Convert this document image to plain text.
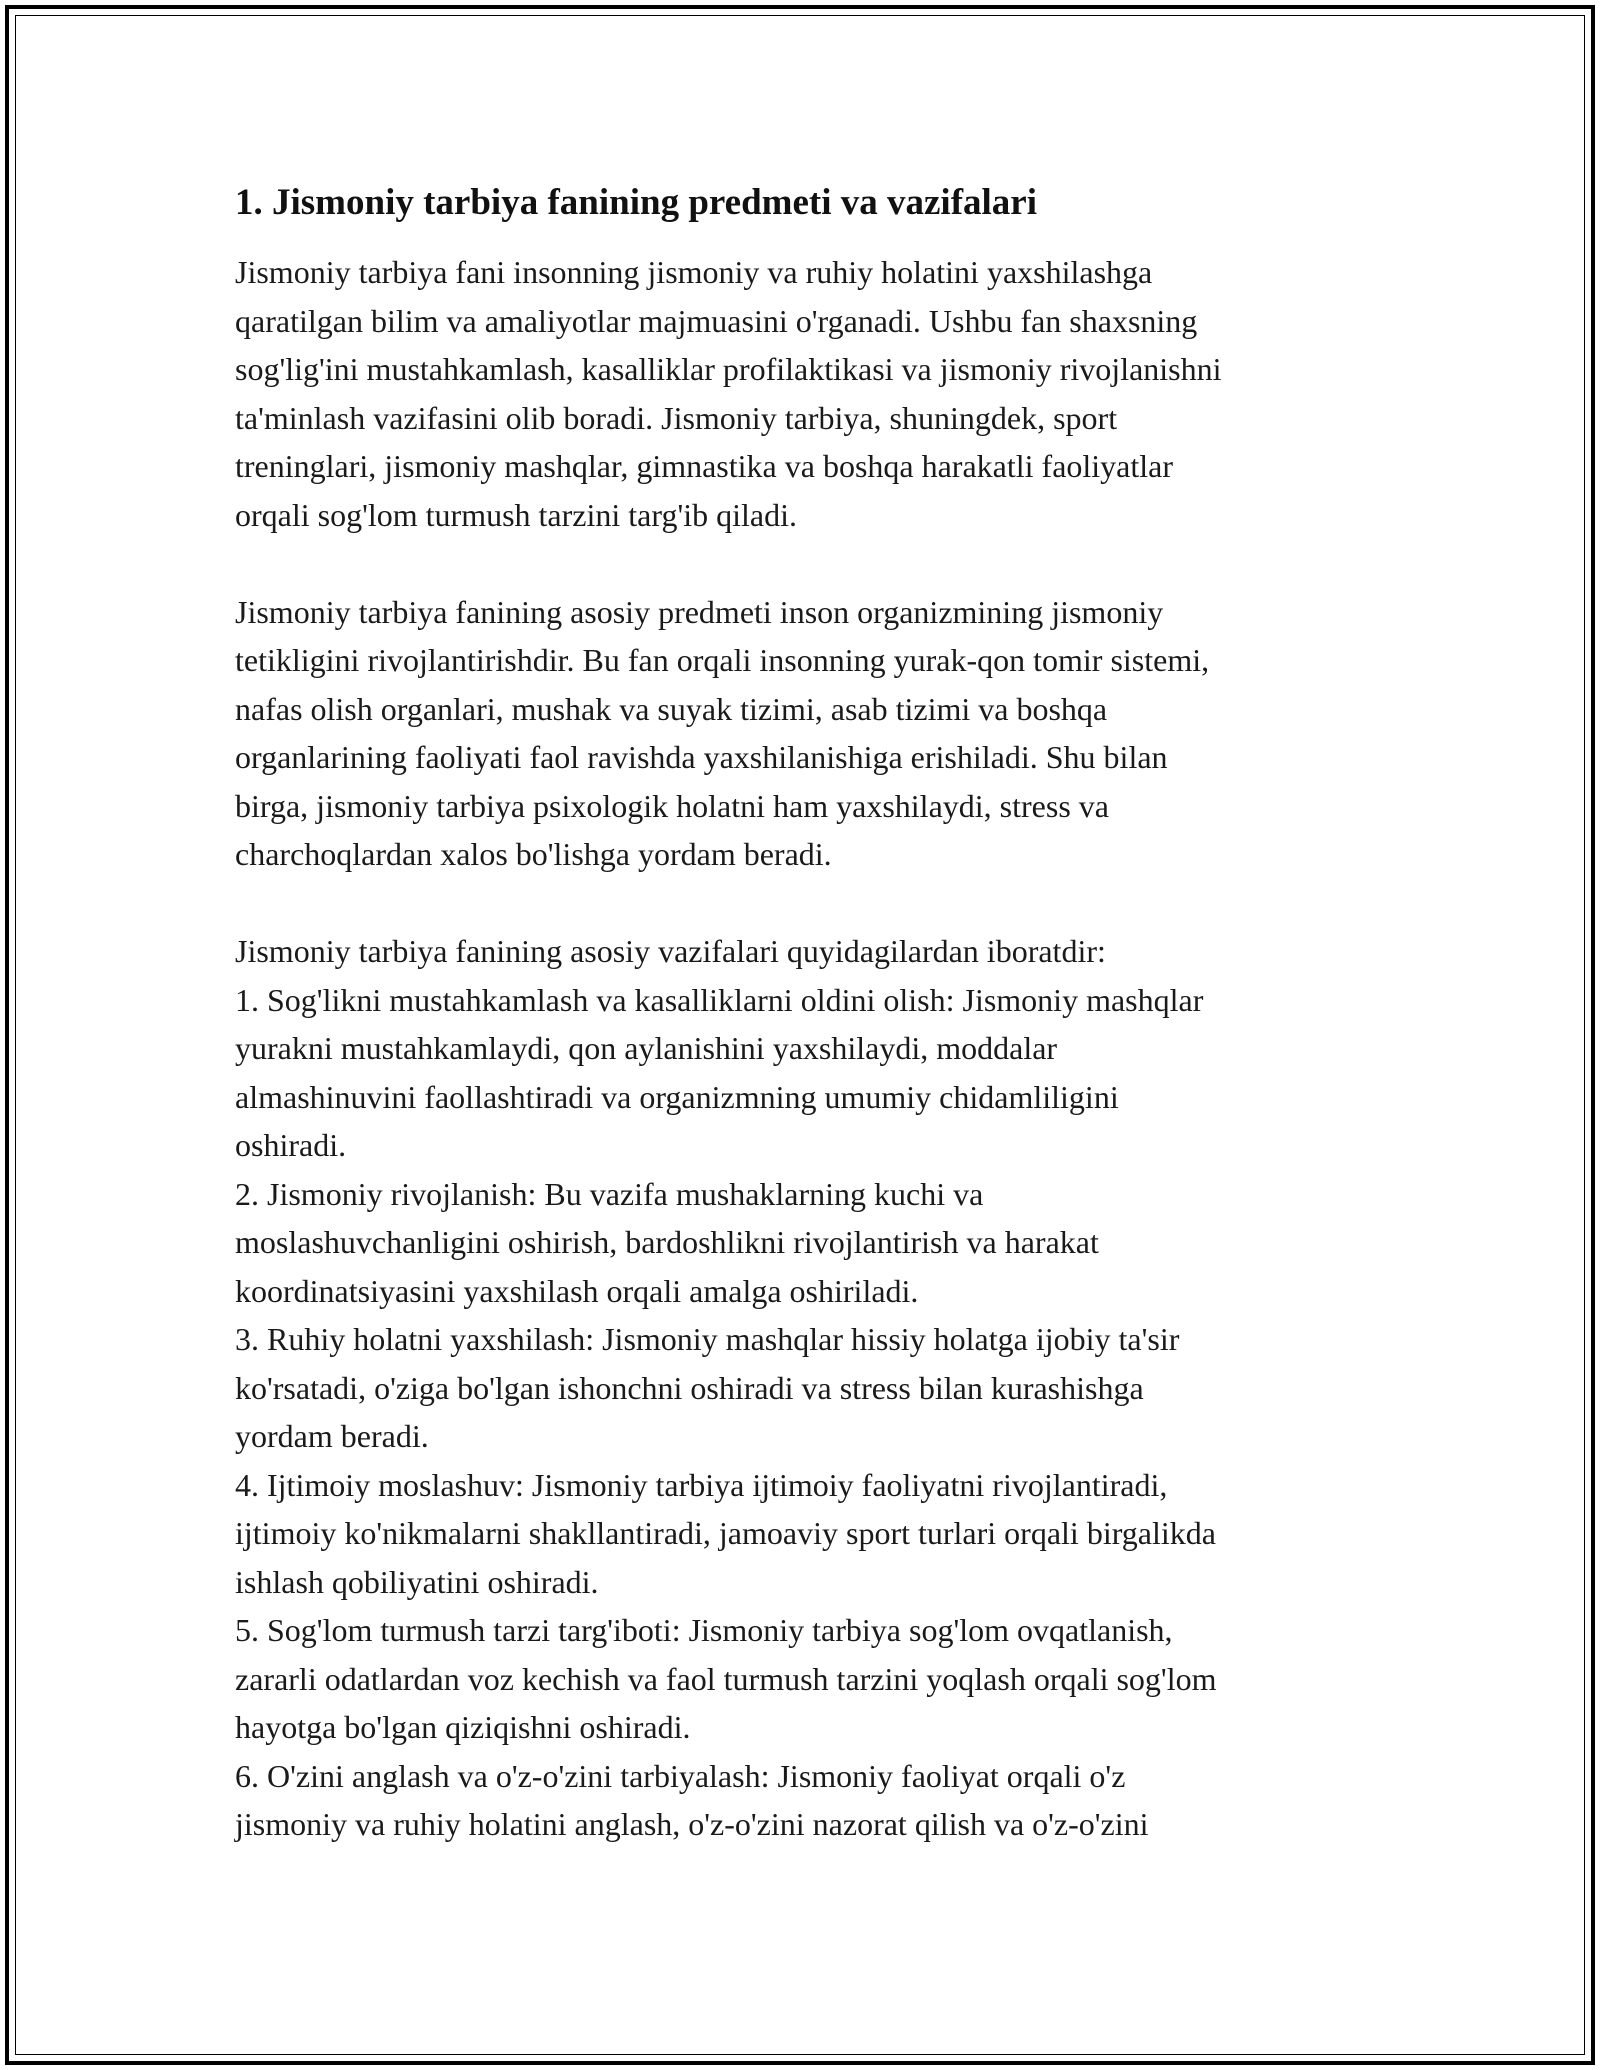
1. Jismoniy tarbiya fanining predmeti va vazifalari
Jismoniy tarbiya fani insonning jismoniy va ruhiy holatini yaxshilashga
qaratilgan bilim va amaliyotlar majmuasini o'rganadi. Ushbu fan shaxsning
sog'lig'ini mustahkamlash, kasalliklar profilaktikasi va jismoniy rivojlanishni
ta'minlash vazifasini olib boradi. Jismoniy tarbiya, shuningdek, sport
treninglari, jismoniy mashqlar, gimnastika va boshqa harakatli faoliyatlar
orqali sog'lom turmush tarzini targ'ib qiladi.
Jismoniy tarbiya fanining asosiy predmeti inson organizmining jismoniy
tetikligini rivojlantirishdir. Bu fan orqali insonning yurak-qon tomir sistemi,
nafas olish organlari, mushak va suyak tizimi, asab tizimi va boshqa
organlarining faoliyati faol ravishda yaxshilanishiga erishiladi. Shu bilan
birga, jismoniy tarbiya psixologik holatni ham yaxshilaydi, stress va
charchoqlardan xalos bo'lishga yordam beradi.
Jismoniy tarbiya fanining asosiy vazifalari quyidagilardan iboratdir:
1. Sog'likni mustahkamlash va kasalliklarni oldini olish: Jismoniy mashqlar
yurakni mustahkamlaydi, qon aylanishini yaxshilaydi, moddalar
almashinuvini faollashtiradi va organizmning umumiy chidamliligini
oshiradi.
2. Jismoniy rivojlanish: Bu vazifa mushaklarning kuchi va
moslashuvchanligini oshirish, bardoshlikni rivojlantirish va harakat
koordinatsiyasini yaxshilash orqali amalga oshiriladi.
3. Ruhiy holatni yaxshilash: Jismoniy mashqlar hissiy holatga ijobiy ta'sir
ko'rsatadi, o'ziga bo'lgan ishonchni oshiradi va stress bilan kurashishga
yordam beradi.
4. Ijtimoiy moslashuv: Jismoniy tarbiya ijtimoiy faoliyatni rivojlantiradi,
ijtimoiy ko'nikmalarni shakllantiradi, jamoaviy sport turlari orqali birgalikda
ishlash qobiliyatini oshiradi.
5. Sog'lom turmush tarzi targ'iboti: Jismoniy tarbiya sog'lom ovqatlanish,
zararli odatlardan voz kechish va faol turmush tarzini yoqlash orqali sog'lom
hayotga bo'lgan qiziqishni oshiradi.
6. O'zini anglash va o'z-o'zini tarbiyalash: Jismoniy faoliyat orqali o'z
jismoniy va ruhiy holatini anglash, o'z-o'zini nazorat qilish va o'z-o'zini
